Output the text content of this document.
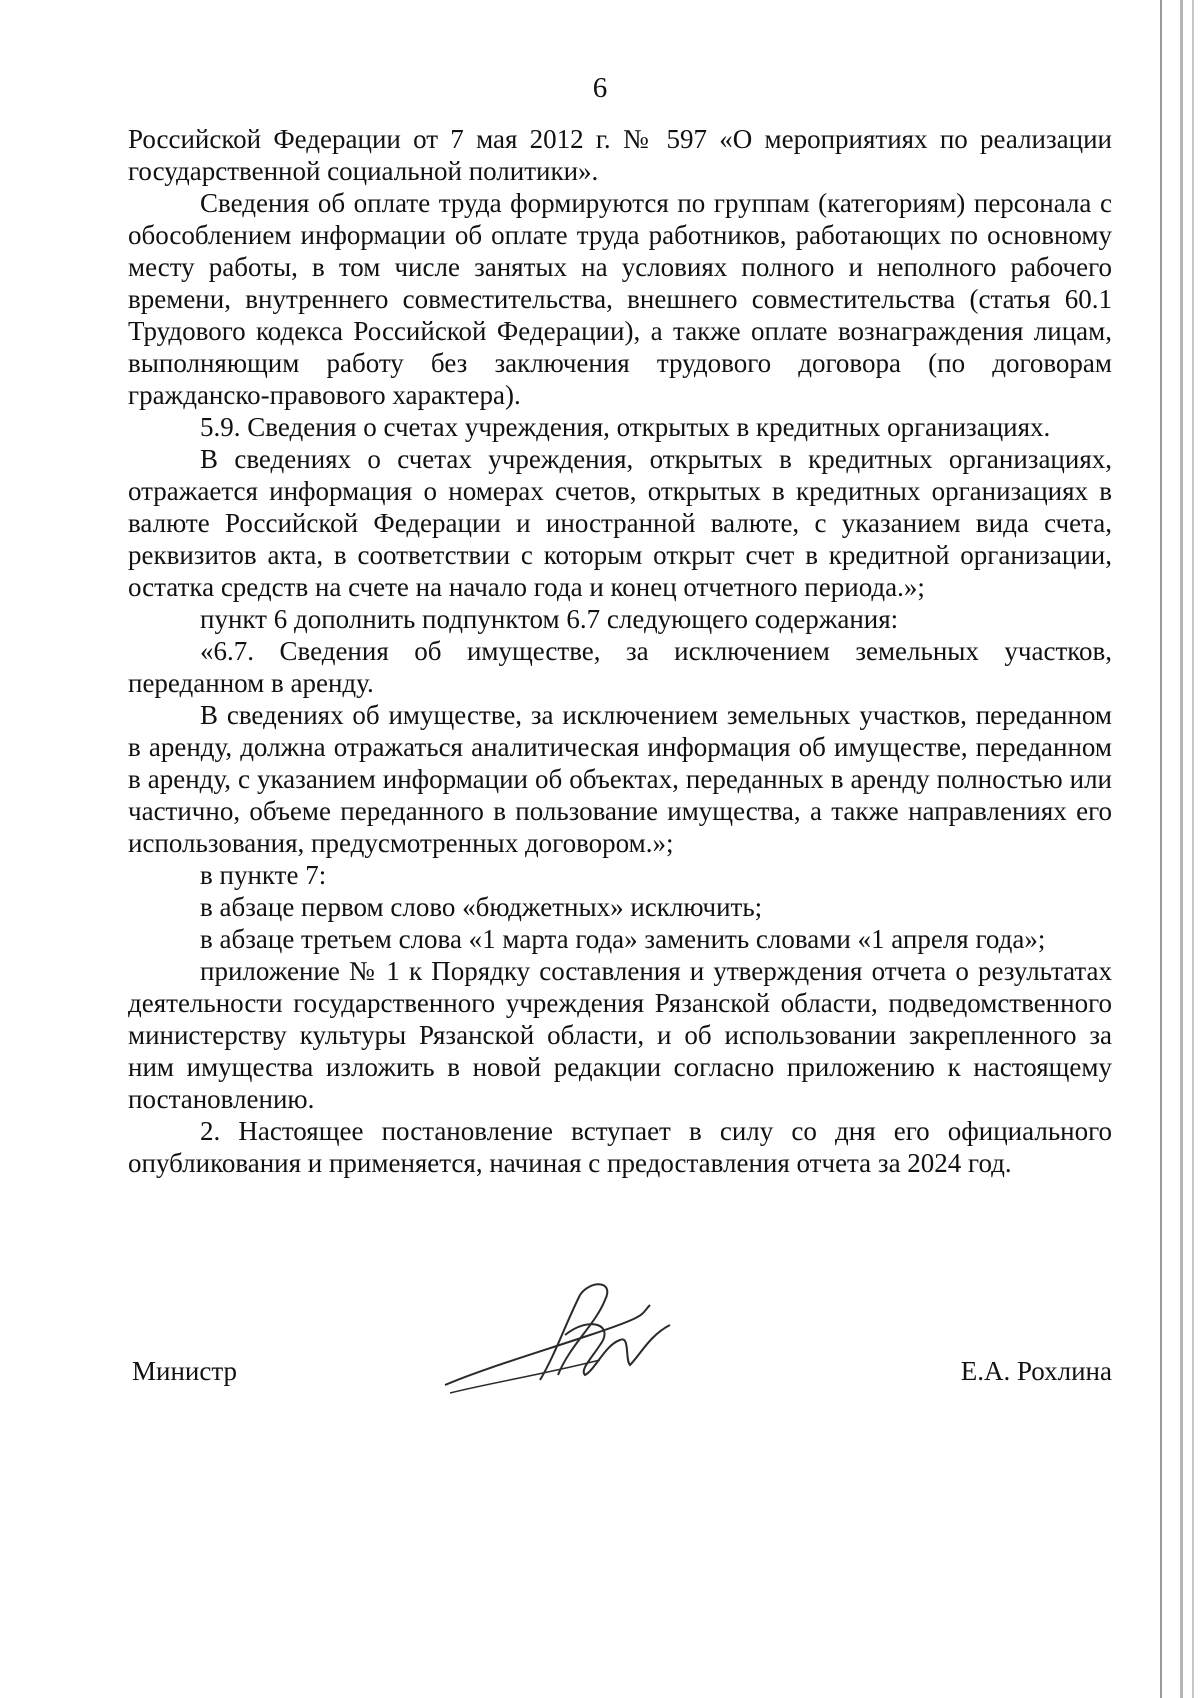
6

Российской Федерации от 7 мая 2012 г. № 597 «О мероприятиях по реализации государственной социальной политики».

Сведения об оплате труда формируются по группам (категориям) персонала с обособлением информации об оплате труда работников, работающих по основному месту работы, в том числе занятых на условиях полного и неполного рабочего времени, внутреннего совместительства, внешнего совместительства (статья 60.1 Трудового кодекса Российской Федерации), а также оплате вознаграждения лицам, выполняющим работу без заключения трудового договора (по договорам гражданско-правового характера).

5.9. Сведения о счетах учреждения, открытых в кредитных организациях.

В сведениях о счетах учреждения, открытых в кредитных организациях, отражается информация о номерах счетов, открытых в кредитных организациях в валюте Российской Федерации и иностранной валюте, с указанием вида счета, реквизитов акта, в соответствии с которым открыт счет в кредитной организации, остатка средств на счете на начало года и конец отчетного периода.»;

пункт 6 дополнить подпунктом 6.7 следующего содержания:

«6.7. Сведения об имуществе, за исключением земельных участков, переданном в аренду.

В сведениях об имуществе, за исключением земельных участков, переданном в аренду, должна отражаться аналитическая информация об имуществе, переданном в аренду, с указанием информации об объектах, переданных в аренду полностью или частично, объеме переданного в пользование имущества, а также направлениях его использования, предусмотренных договором.»;

в пункте 7:

в абзаце первом слово «бюджетных» исключить;

в абзаце третьем слова «1 марта года» заменить словами «1 апреля года»;

приложение № 1 к Порядку составления и утверждения отчета о результатах деятельности государственного учреждения Рязанской области, подведомственного министерству культуры Рязанской области, и об использовании закрепленного за ним имущества изложить в новой редакции согласно приложению к настоящему постановлению.

2. Настоящее постановление вступает в силу со дня его официального опубликования и применяется, начиная с предоставления отчета за 2024 год.

Министр	Е.А. Рохлина
